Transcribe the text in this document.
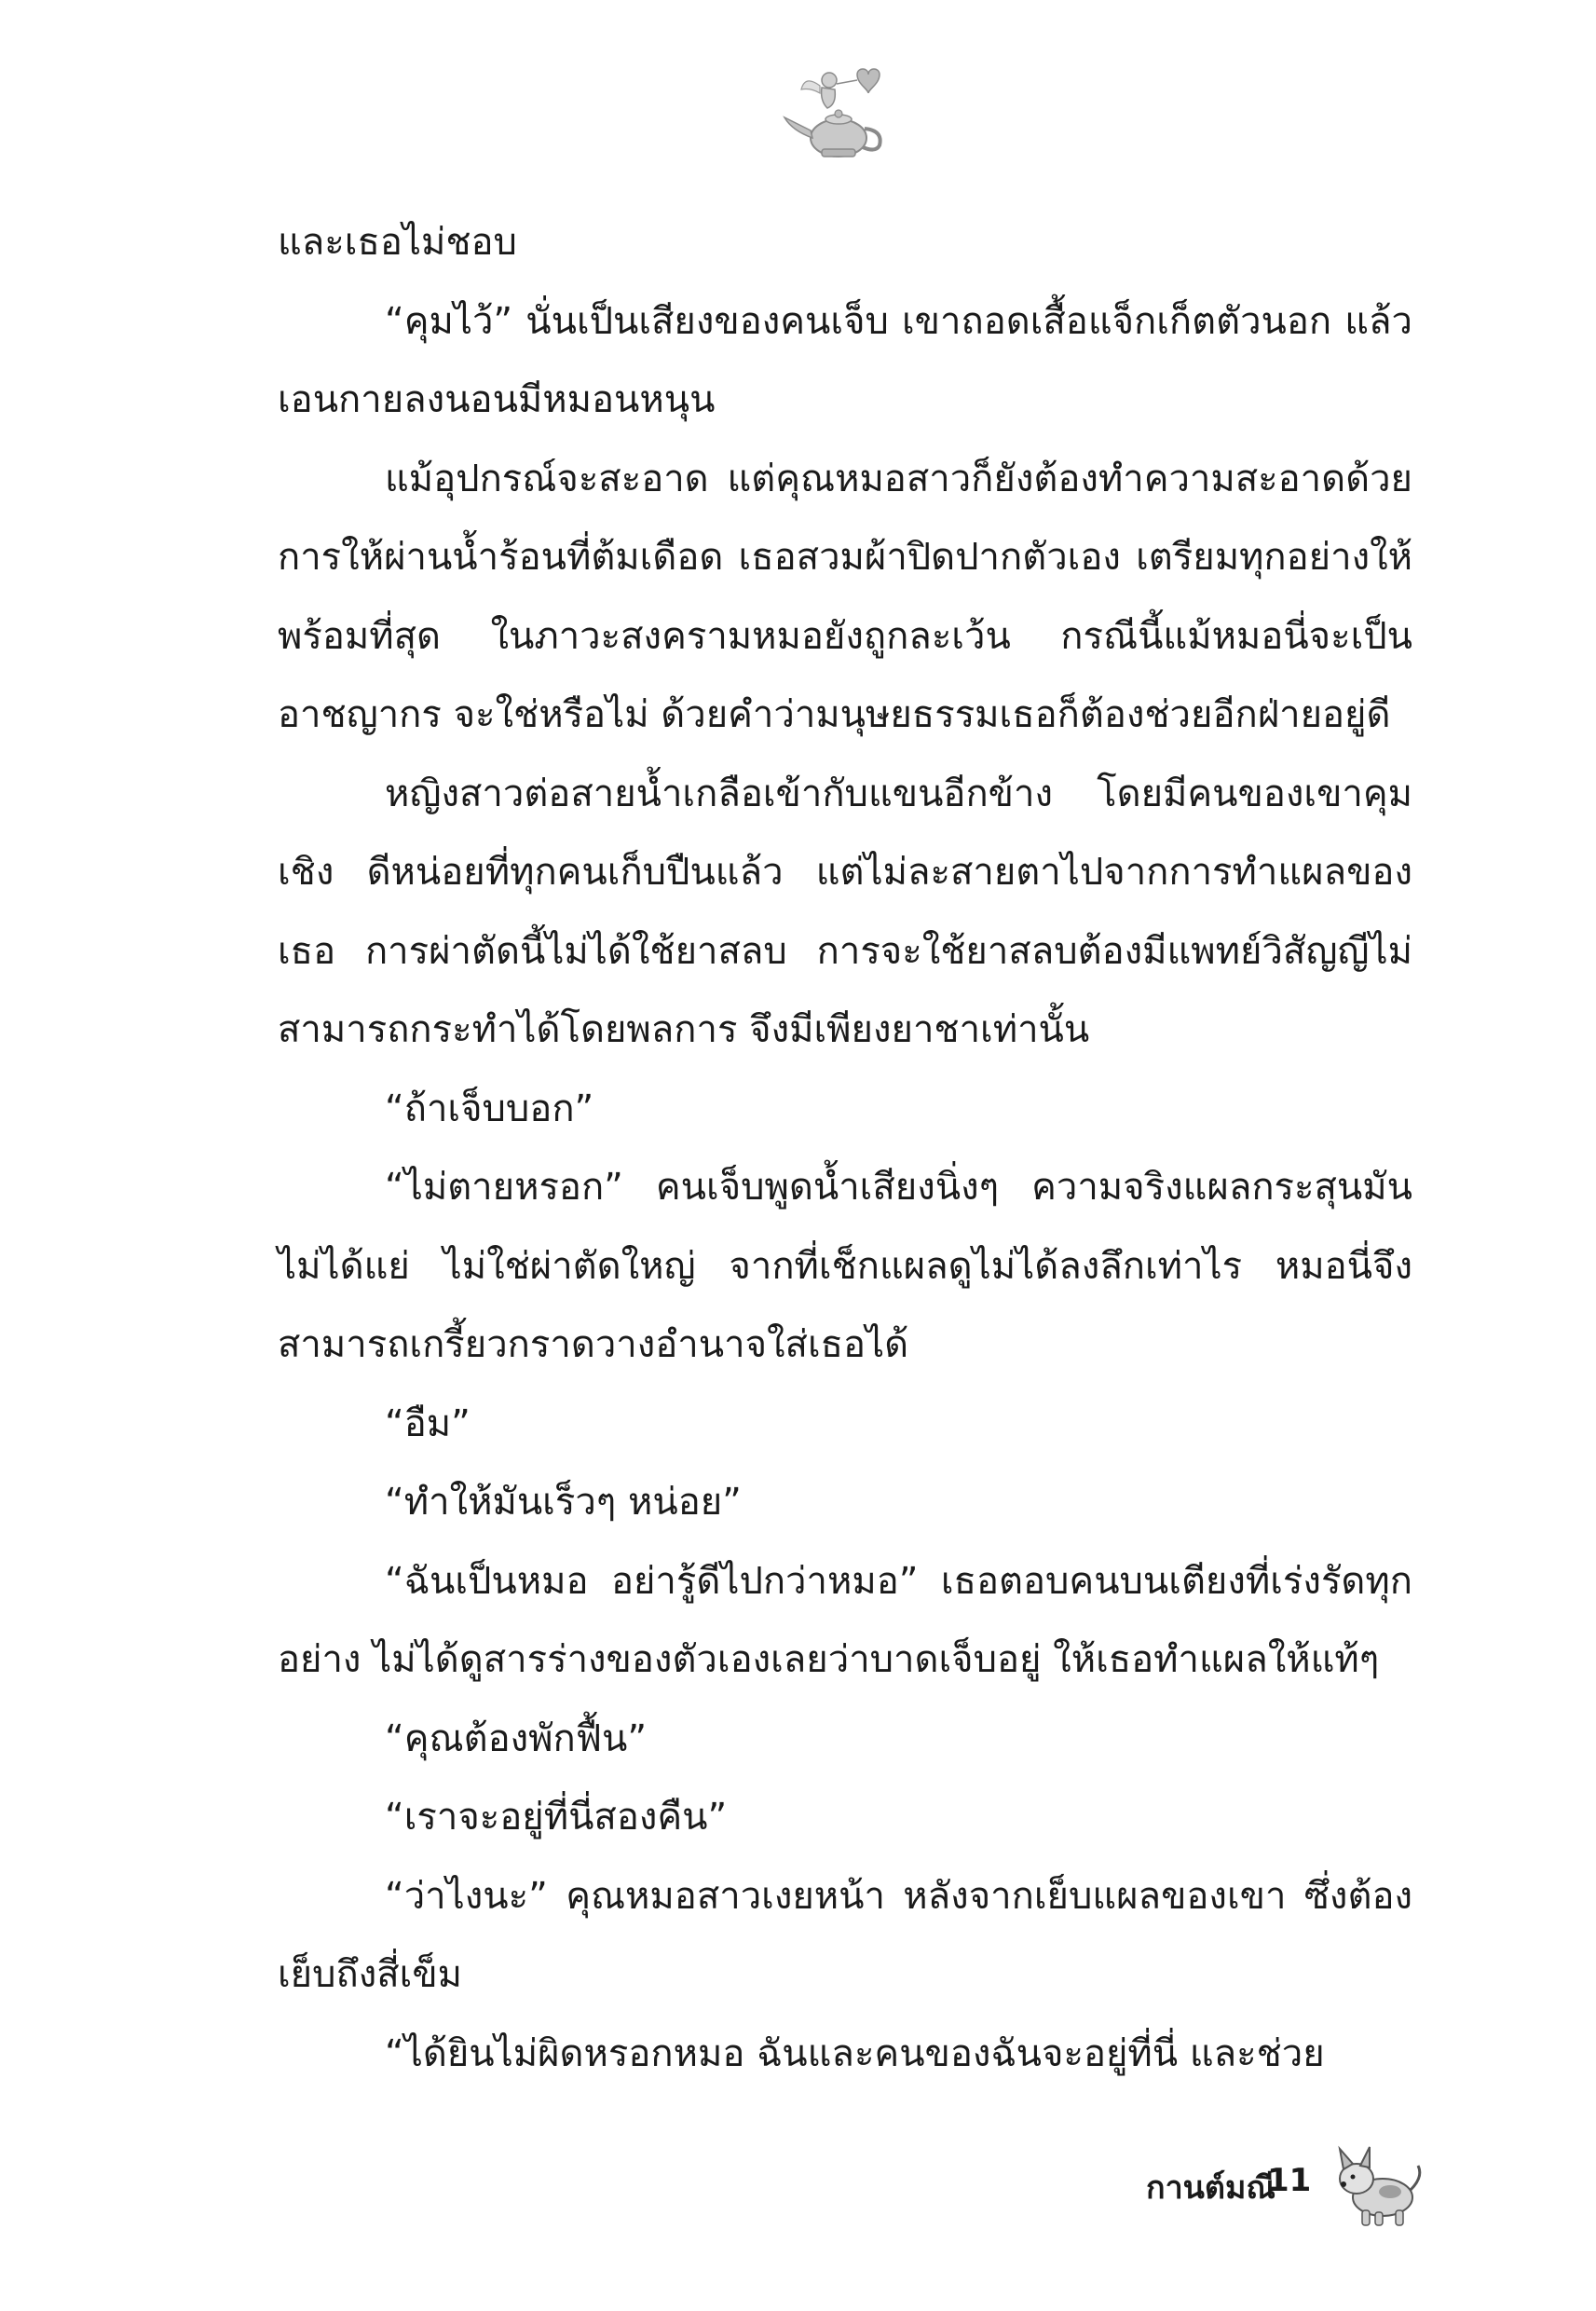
และเธอไม่ชอบ

“คุมไว้” นั่นเป็นเสียงของคนเจ็บ เขาถอดเสื้อแจ็กเก็ตตัวนอก แล้วเอนกายลงนอนมีหมอนหนุน

แม้อุปกรณ์จะสะอาด แต่คุณหมอสาวก็ยังต้องทำความสะอาดด้วยการให้ผ่านน้ำร้อนที่ต้มเดือด เธอสวมผ้าปิดปากตัวเอง เตรียมทุกอย่างให้พร้อมที่สุด ในภาวะสงครามหมอยังถูกละเว้น กรณีนี้แม้หมอนี่จะเป็นอาชญากร จะใช่หรือไม่ ด้วยคำว่ามนุษยธรรมเธอก็ต้องช่วยอีกฝ่ายอยู่ดี

หญิงสาวต่อสายน้ำเกลือเข้ากับแขนอีกข้าง โดยมีคนของเขาคุมเชิง ดีหน่อยที่ทุกคนเก็บปืนแล้ว แต่ไม่ละสายตาไปจากการทำแผลของเธอ การผ่าตัดนี้ไม่ได้ใช้ยาสลบ การจะใช้ยาสลบต้องมีแพทย์วิสัญญีไม่สามารถกระทำได้โดยพลการ จึงมีเพียงยาชาเท่านั้น

“ถ้าเจ็บบอก”

“ไม่ตายหรอก” คนเจ็บพูดน้ำเสียงนิ่งๆ ความจริงแผลกระสุนมันไม่ได้แย่ ไม่ใช่ผ่าตัดใหญ่ จากที่เช็กแผลดูไม่ได้ลงลึกเท่าไร หมอนี่จึงสามารถเกรี้ยวกราดวางอำนาจใส่เธอได้

“อืม”

“ทำให้มันเร็วๆ หน่อย”

“ฉันเป็นหมอ อย่ารู้ดีไปกว่าหมอ” เธอตอบคนบนเตียงที่เร่งรัดทุกอย่าง ไม่ได้ดูสารร่างของตัวเองเลยว่าบาดเจ็บอยู่ ให้เธอทำแผลให้แท้ๆ

“คุณต้องพักฟื้น”

“เราจะอยู่ที่นี่สองคืน”

“ว่าไงนะ” คุณหมอสาวเงยหน้า หลังจากเย็บแผลของเขา ซึ่งต้องเย็บถึงสี่เข็ม

“ได้ยินไม่ผิดหรอกหมอ ฉันและคนของฉันจะอยู่ที่นี่ และช่วย

กานต์มณี
11
